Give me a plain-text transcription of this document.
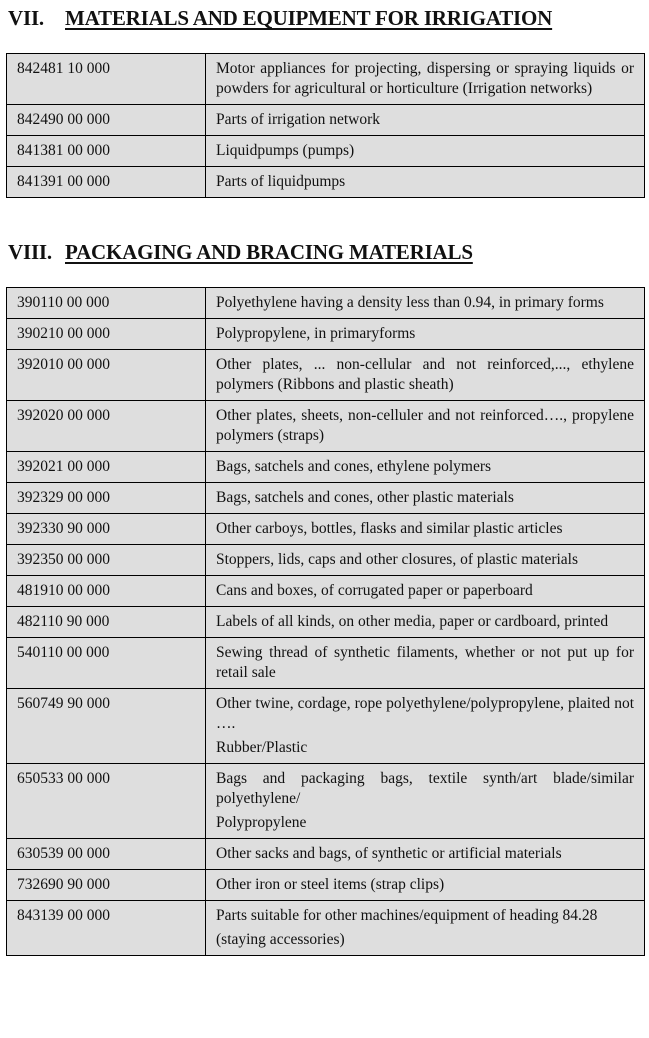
VII. MATERIALS AND EQUIPMENT FOR IRRIGATION
842481 10 000	Motor appliances for projecting, dispersing or spraying liquids or powders for agricultural or horticulture (Irrigation networks)

842490 00 000	Parts of irrigation network

841381 00 000	Liquidpumps (pumps)

841391 00 000	Parts of liquidpumps
VIII. PACKAGING AND BRACING MATERIALS
390110 00 000	Polyethylene having a density less than 0.94, in primary forms

390210 00 000	Polypropylene, in primaryforms

392010 00 000	Other plates, ... non-cellular and not reinforced,..., ethylene polymers (Ribbons and plastic sheath)

392020 00 000	Other plates, sheets, non-celluler and not reinforced…., propylene polymers (straps)

392021 00 000	Bags, satchels and cones, ethylene polymers

392329 00 000	Bags, satchels and cones, other plastic materials

392330 90 000	Other carboys, bottles, flasks and similar plastic articles

392350 00 000	Stoppers, lids, caps and other closures, of plastic materials

481910 00 000	Cans and boxes, of corrugated paper or paperboard

482110 90 000	Labels of all kinds, on other media, paper or cardboard, printed

540110 00 000	Sewing thread of synthetic filaments, whether or not put up for retail sale

560749 90 000	Other twine, cordage, rope polyethylene/polypropylene, plaited not ….
Rubber/Plastic

650533 00 000	Bags and packaging bags, textile synth/art blade/similar polyethylene/
Polypropylene

630539 00 000	Other sacks and bags, of synthetic or artificial materials

732690 90 000	Other iron or steel items (strap clips)

843139 00 000	Parts suitable for other machines/equipment of heading 84.28
(staying accessories)
